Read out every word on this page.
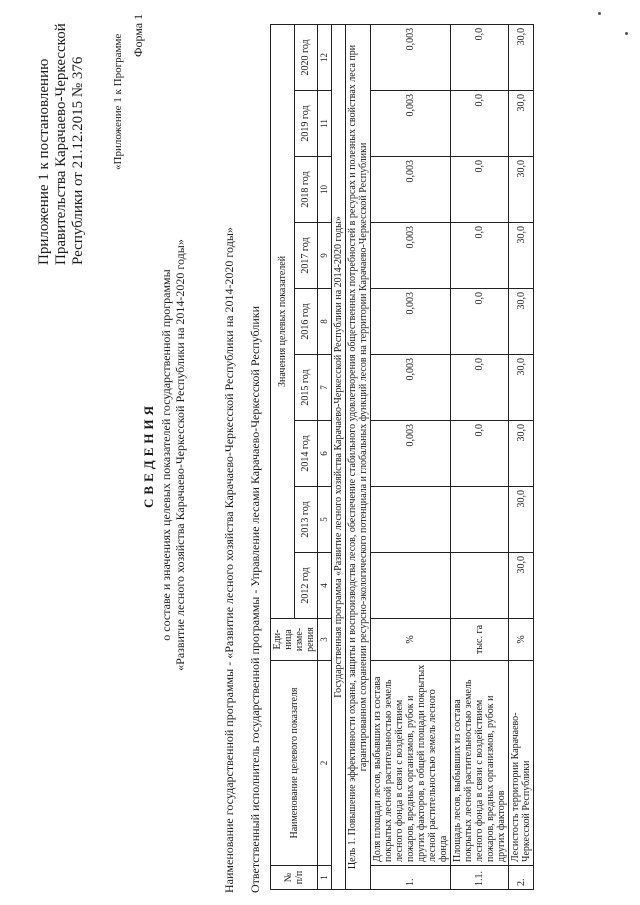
Приложение 1 к постановлению Правительства Карачаево-Черкесской Республики от 21.12.2015 № 376 «Приложение 1 к Программе Форма 1
СВЕДЕНИЯ о составе и значениях целевых показателей государственной программы «Развитие лесного хозяйства Карачаево-Черкесской Республики на 2014-2020 годы»	Наименование государственной программы - «Развитие лесного хозяйства Карачаево-Черкесской Республики на 2014-2020 годы» Ответственный исполнитель государственной программы - Управление лесами Карачаево-Черкесской Республики № п/п	Наименование целевого показателя	Еди-ница изме-рения	Значения целевых показателей								
			2012 год	2013 год	2014 год	2015 год	2016 год	2017 год	2018 год	2019 год	2020 год
1	2	3	4	5	6	7	8	9	10	11	12
Государственная программа «Развитие лесного хозяйства Карачаево-Черкесской Республики на 2014-2020 годы»											
Цель 1. Повышение эффективности охраны, защиты и воспроизводства лесов, обеспечение стабильного удовлетворения общественных потребностей в ресурсах и полезных свойствах леса при гарантированном сохранении ресурсно-экологического потенциала и глобальных функций лесов на территории Карачаево-Черкесской Республики											
1.	Доля площади лесов, выбывших из состава покрытых лесной растительностью земель лесного фонда в связи с воздействием пожаров, вредных организмов, рубок и других факторов, в общей площади покрытых лесной растительностью земель лесного фонда	%			0,003	0,003	0,003	0,003	0,003	0,003	0,003
1.1.	Площадь лесов, выбывших из состава покрытых лесной растительностью земель лесного фонда в связи с воздействием пожаров, вредных организмов, рубок и других факторов	тыс. га			0,0	0,0	0,0	0,0	0,0	0,0	0,0
2.	Лесистость территории Карачаево-Черкесской Республики	%	30,0	30,0	30,0	30,0	30,0	30,0	30,0	30,0	30,0
